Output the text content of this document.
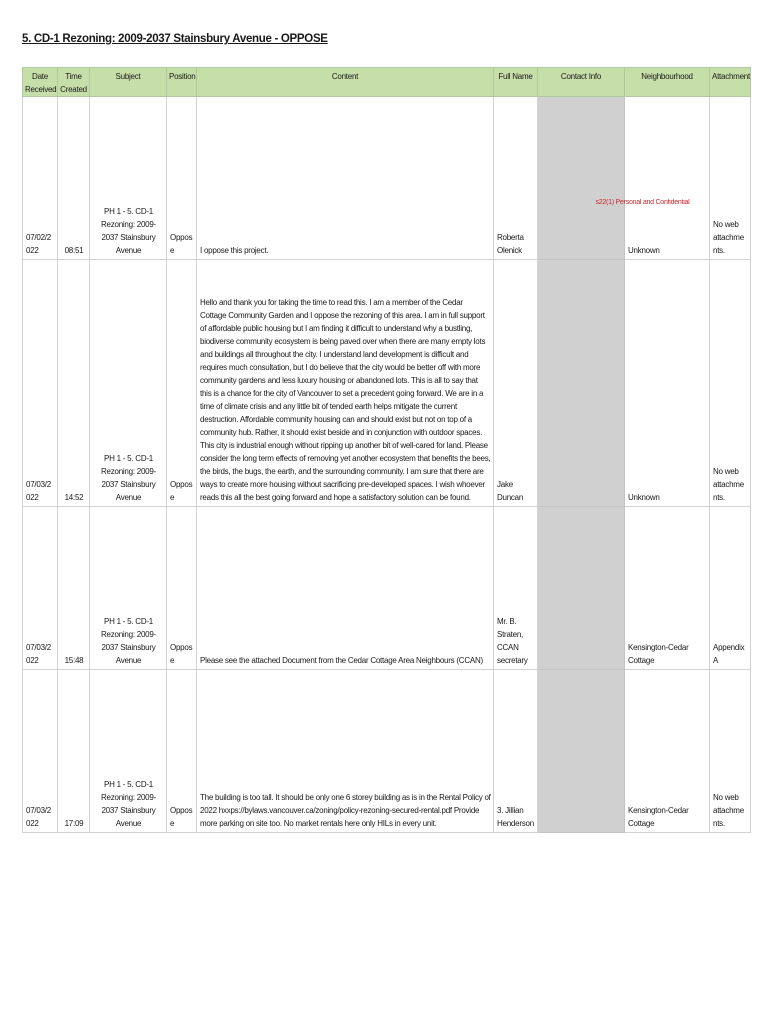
5. CD-1 Rezoning: 2009-2037 Stainsbury Avenue - OPPOSE
Date Received	Time Created	Subject	Position	Content	Full Name	Contact Info	Neighbourhood	Attachment
07/02/2022	08:51	PH 1 - 5. CD-1 Rezoning: 2009-2037 Stainsbury Avenue	Oppose	I oppose this project.	Roberta Olenick		Unknown	No web attachments.
07/03/2022	14:52	PH 1 - 5. CD-1 Rezoning: 2009-2037 Stainsbury Avenue	Oppose	Hello and thank you for taking the time to read this. I am a member of the Cedar Cottage Community Garden and I oppose the rezoning of this area. I am in full support of affordable public housing but I am finding it difficult to understand why a bustling, biodiverse community ecosystem is being paved over when there are many empty lots and buildings all throughout the city. I understand land development is difficult and requires much consultation, but I do believe that the city would be better off with more community gardens and less luxury housing or abandoned lots. This is all to say that this is a chance for the city of Vancouver to set a precedent going forward. We are in a time of climate crisis and any little bit of tended earth helps mitigate the current destruction. Affordable community housing can and should exist but not on top of a community hub. Rather, it should exist beside and in conjunction with outdoor spaces. This city is industrial enough without ripping up another bit of well-cared for land. Please consider the long term effects of removing yet another ecosystem that benefits the bees, the birds, the bugs, the earth, and the surrounding community. I am sure that there are ways to create more housing without sacrificing pre-developed spaces. I wish whoever reads this all the best going forward and hope a satisfactory solution can be found.	Jake Duncan		Unknown	No web attachments.
07/03/2022	15:48	PH 1 - 5. CD-1 Rezoning: 2009-2037 Stainsbury Avenue	Oppose	Please see the attached Document from the Cedar Cottage Area Neighbours (CCAN)	Mr. B. Straten, CCAN secretary		Kensington-Cedar Cottage	Appendix A
07/03/2022	17:09	PH 1 - 5. CD-1 Rezoning: 2009-2037 Stainsbury Avenue	Oppose	The building is too tall. It should be only one 6 storey building as is in the Rental Policy of 2022 hxxps://bylaws.vancouver.ca/zoning/policy-rezoning-secured-rental.pdf Provide more parking on site too. No market rentals here only HILs in every unit.	3. Jillian Henderson		Kensington-Cedar Cottage	No web attachments.
s22(1) Personal and Confidential
